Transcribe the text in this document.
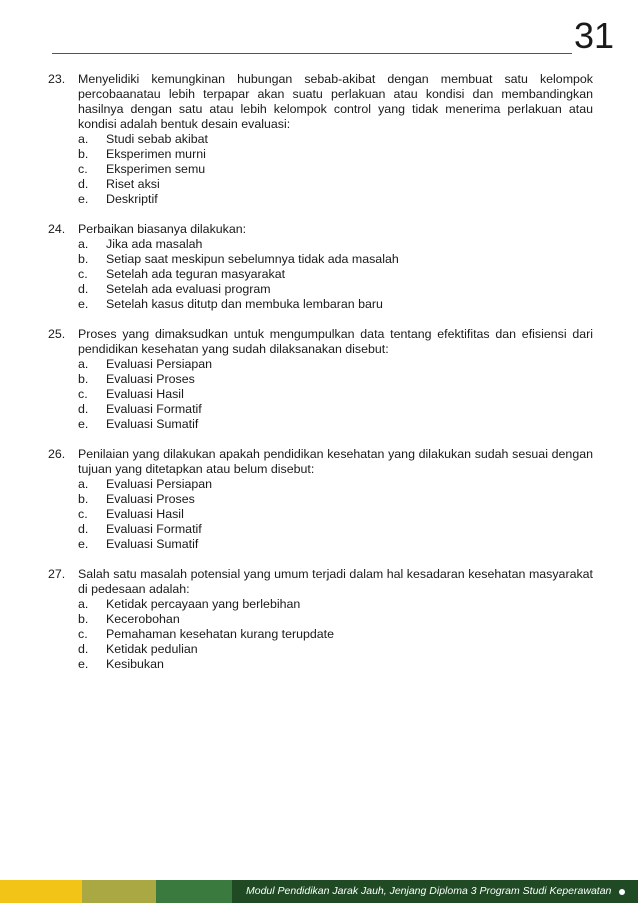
31
23.	Menyelidiki kemungkinan hubungan sebab-akibat dengan membuat satu kelompok percobaanatau lebih terpapar akan suatu perlakuan atau kondisi dan membandingkan hasilnya dengan satu atau lebih kelompok control yang tidak menerima perlakuan atau kondisi adalah bentuk desain evaluasi:
a.	Studi sebab akibat
b.	Eksperimen murni
c.	Eksperimen semu
d.	Riset aksi
e.	Deskriptif
24.	Perbaikan biasanya dilakukan:
a.	Jika ada masalah
b.	Setiap saat meskipun sebelumnya tidak ada masalah
c.	Setelah ada teguran masyarakat
d.	Setelah ada evaluasi program
e.	Setelah kasus ditutp dan membuka lembaran baru
25.	Proses yang dimaksudkan untuk mengumpulkan data tentang efektifitas dan efisiensi dari pendidikan kesehatan yang sudah dilaksanakan disebut:
a.	Evaluasi Persiapan
b.	Evaluasi Proses
c.	Evaluasi Hasil
d.	Evaluasi Formatif
e.	Evaluasi Sumatif
26.	Penilaian yang dilakukan apakah pendidikan kesehatan yang dilakukan sudah sesuai dengan tujuan yang ditetapkan atau belum disebut:
a.	Evaluasi Persiapan
b.	Evaluasi Proses
c.	Evaluasi Hasil
d.	Evaluasi Formatif
e.	Evaluasi Sumatif
27.	Salah satu masalah potensial yang umum terjadi dalam hal kesadaran kesehatan masyarakat di pedesaan adalah:
a.	Ketidak percayaan yang berlebihan
b.	Kecerobohan
c.	Pemahaman kesehatan kurang terupdate
d.	Ketidak pedulian
e.	Kesibukan
Modul Pendidikan Jarak Jauh, Jenjang Diploma 3 Program Studi Keperawatan
